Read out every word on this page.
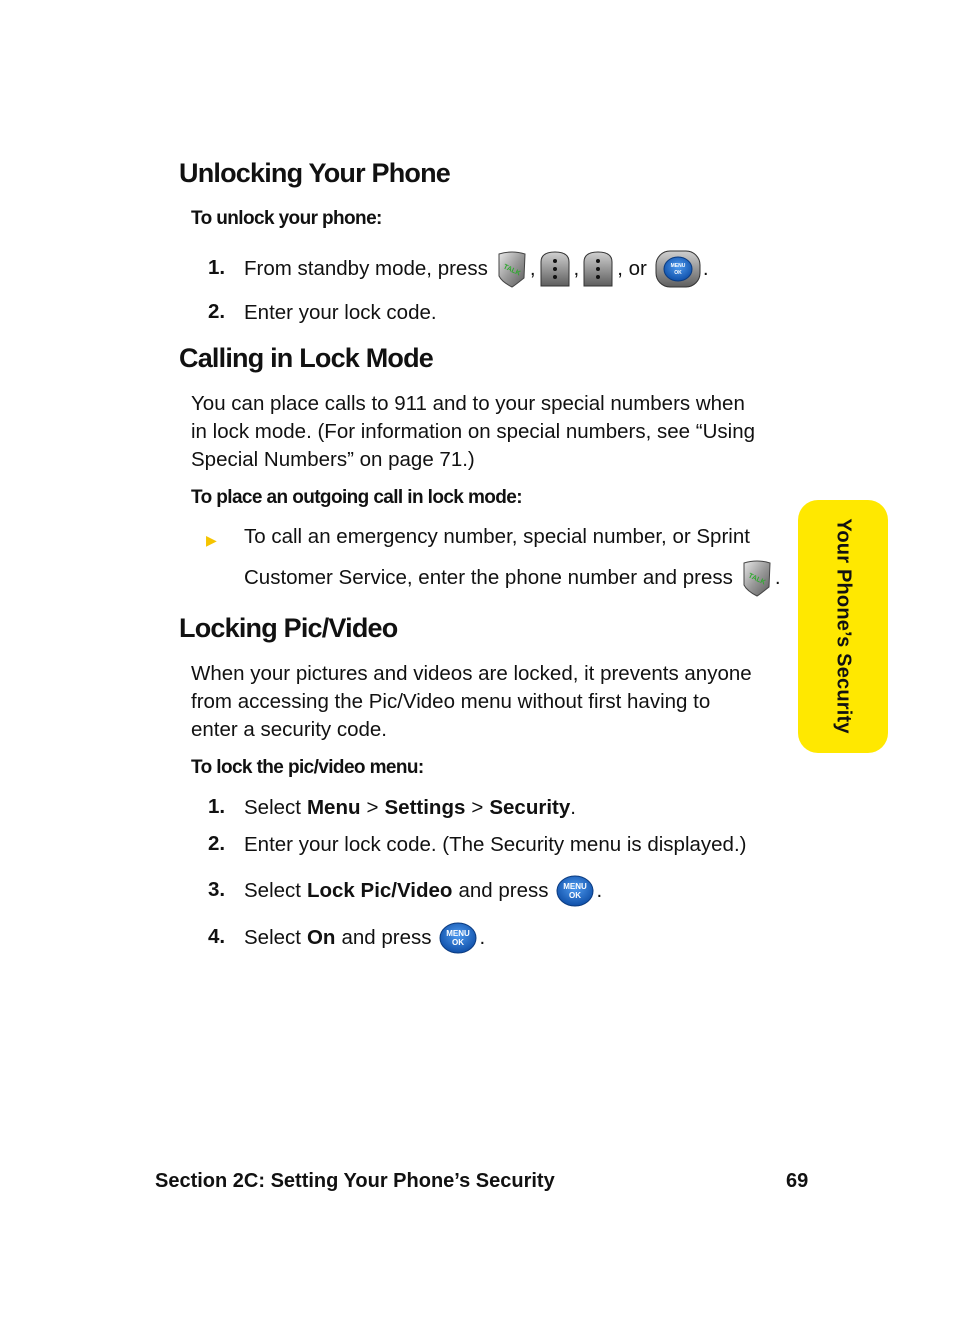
Unlocking Your Phone

To unlock your phone:

1. From standby mode, press TALK , , , or	MENU
OK .
2. Enter your lock code.
Calling in Lock Mode
You can place calls to 911 and to your special numbers when
in lock mode. (For information on special numbers, see “Using
Special Numbers” on page 71.)

To place an outgoing call in lock mode:

▶ To call an emergency number, special number, or Sprint
Customer Service, enter the phone number and press TALK .
Locking Pic/Video
When your pictures and videos are locked, it prevents anyone
from accessing the Pic/Video menu without first having to
enter a security code.

To lock the pic/video menu:

1. Select Menu > Settings > Security .
2. Enter your lock code. (The Security menu is displayed.)
3. Select Lock Pic/Video and press MENU
OK .
4. Select On and press MENU
OK .
Your Phone’s Security
Section 2C: Setting Your Phone’s Security	69
